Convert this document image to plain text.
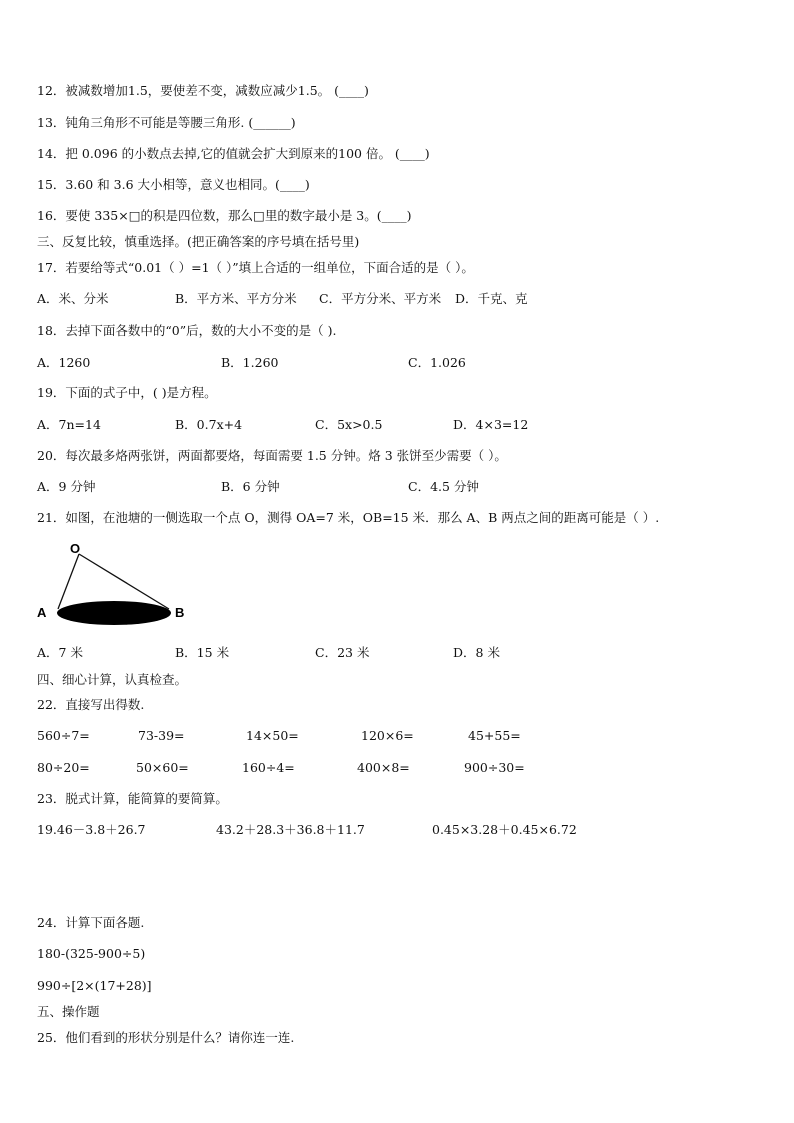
12．被减数增加1.5，要使差不变，减数应减少1.5。 (____)
13．钝角三角形不可能是等腰三角形. (______)
14．把 0.096 的小数点去掉,它的值就会扩大到原来的100 倍。 (____)
15．3.60 和 3.6 大小相等，意义也相同。(____)
16．要使 335×□的积是四位数，那么□里的数字最小是 3。(____)
三、反复比较，慎重选择。(把正确答案的序号填在括号里)
17．若要给等式“0.01（ ）=1（ ）”填上合适的一组单位，下面合适的是（ ）。
A．米、分米	B．平方米、平方分米 C．平方分米、平方米 D．千克、克
18．去掉下面各数中的“0”后，数的大小不变的是（ ).
A．1260	B．1.260	C．1.026
19．下面的式子中，( )是方程。
A．7n=14	B．0.7x+4	C．5x>0.5	D．4×3=12
20．每次最多烙两张饼，两面都要烙，每面需要 1.5 分钟。烙 3 张饼至少需要（ ）。
A．9 分钟	B．6 分钟	C．4.5 分钟
21．如图，在池塘的一侧选取一个点 O，测得 OA=7 米，OB=15 米．那么 A、B 两点之间的距离可能是（ ）.
O
A	B
A．7 米	B．15 米	C．23 米	D．8 米
四、细心计算，认真检查。
22．直接写出得数.
560÷7=	73-39=	14×50=	120×6=	45+55=
80÷20=	50×60=	160÷4=	400×8=	900÷30=
23．脱式计算，能简算的要简算。
19.46－3.8＋26.7	43.2＋28.3＋36.8＋11.7	0.45×3.28＋0.45×6.72
24．计算下面各题.
180-(325-900÷5)
990÷[2×(17+28)]
五、操作题
25．他们看到的形状分别是什么？请你连一连.
